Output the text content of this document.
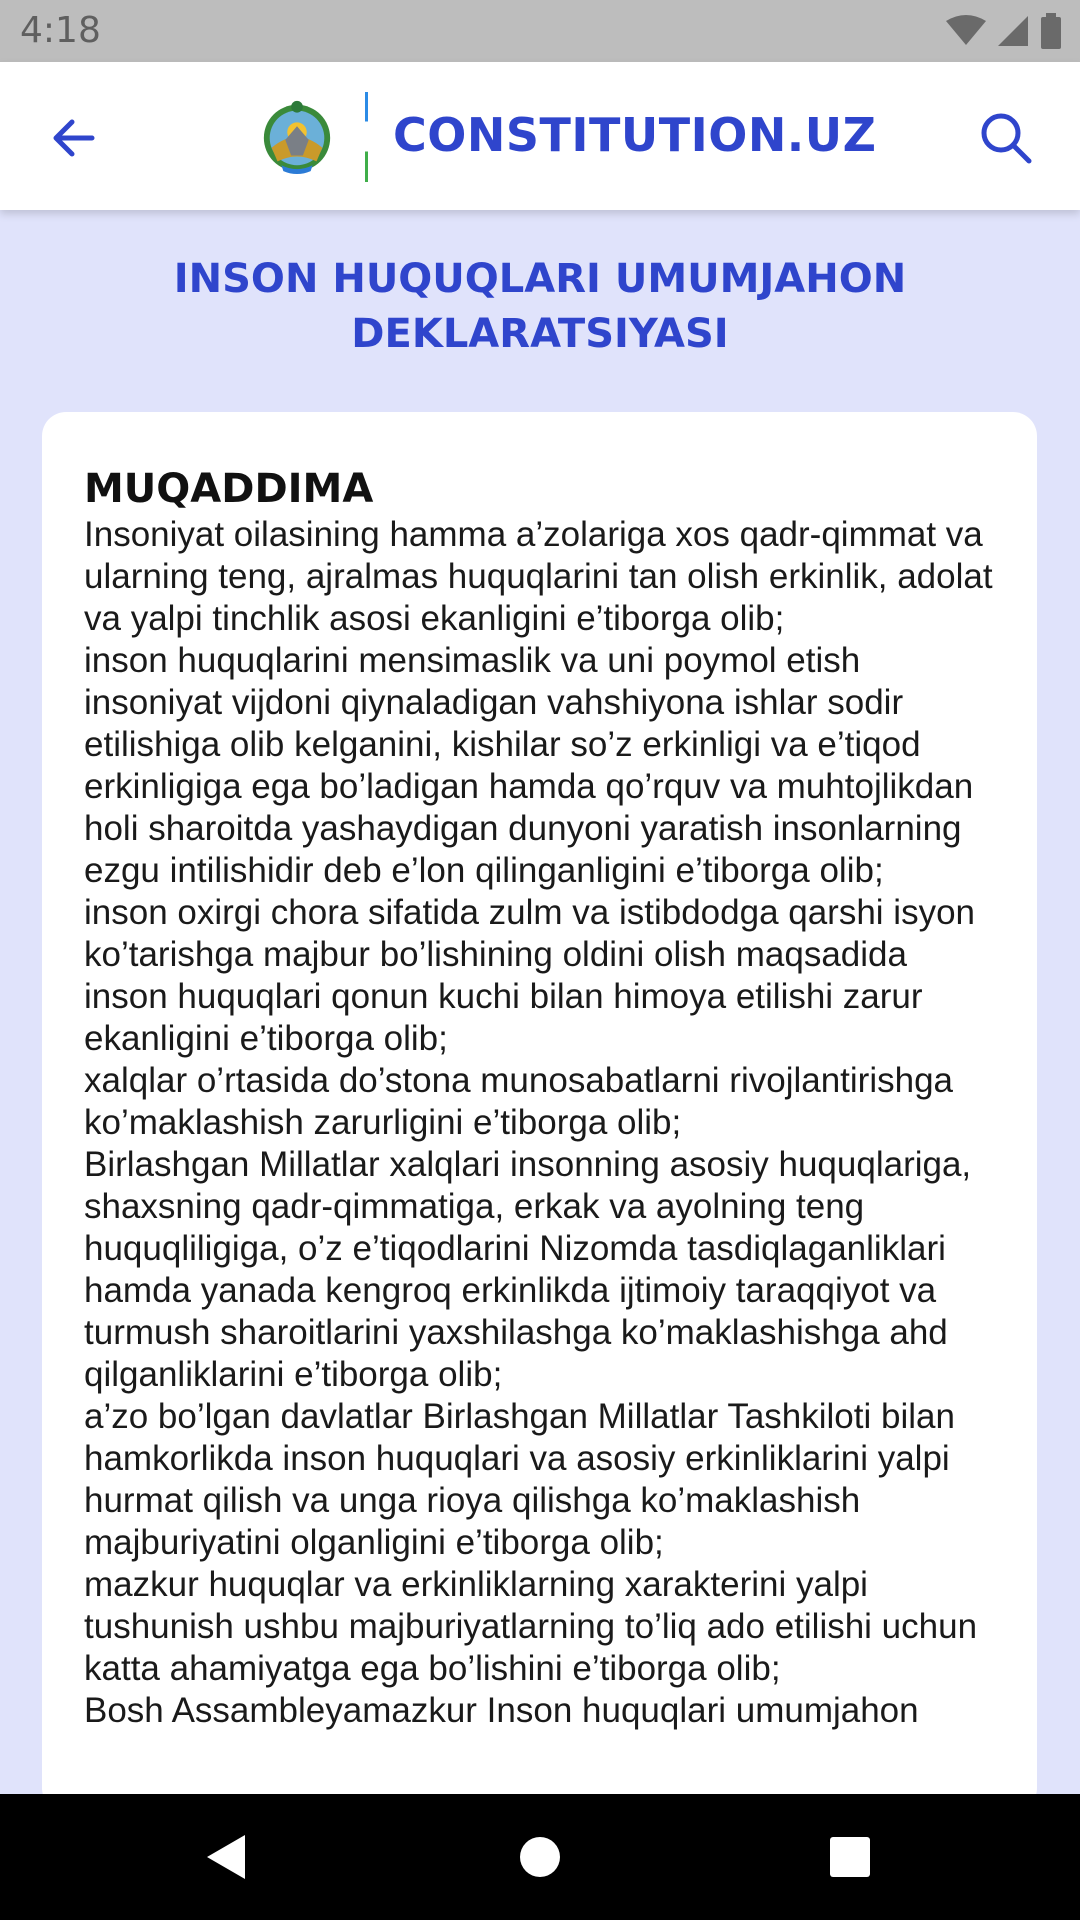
4:18
CONSTITUTION.UZ
INSON HUQUQLARI UMUMJAHON DEKLARATSIYASI
MUQADDIMA

Insoniyat oilasining hamma a’zolariga xos qadr-qimmat va ularning teng, ajralmas huquqlarini tan olish erkinlik, adolat va yalpi tinchlik asosi ekanligini e’tiborga olib;

inson huquqlarini mensimaslik va uni poymol etish insoniyat vijdoni qiynaladigan vahshiyona ishlar sodir etilishiga olib kelganini, kishilar so’z erkinligi va e’tiqod erkinligiga ega bo’ladigan hamda qo’rquv va muhtojlikdan holi sharoitda yashaydigan dunyoni yaratish insonlarning ezgu intilishidir deb e’lon qilinganligini e’tiborga olib;

inson oxirgi chora sifatida zulm va istibdodga qarshi isyon ko’tarishga majbur bo’lishining oldini olish maqsadida inson huquqlari qonun kuchi bilan himoya etilishi zarur ekanligini e’tiborga olib;

xalqlar o’rtasida do’stona munosabatlarni rivojlantirishga ko’maklashish zarurligini e’tiborga olib;

Birlashgan Millatlar xalqlari insonning asosiy huquqlariga, shaxsning qadr-qimmatiga, erkak va ayolning teng huquqliligiga, o’z e’tiqodlarini Nizomda tasdiqlaganliklari hamda yanada kengroq erkinlikda ijtimoiy taraqqiyot va turmush sharoitlarini yaxshilashga ko’maklashishga ahd qilganliklarini e’tiborga olib;

a’zo bo’lgan davlatlar Birlashgan Millatlar Tashkiloti bilan hamkorlikda inson huquqlari va asosiy erkinliklarini yalpi hurmat qilish va unga rioya qilishga ko’maklashish majburiyatini olganligini e’tiborga olib;

mazkur huquqlar va erkinliklarning xarakterini yalpi tushunish ushbu majburiyatlarning to’liq ado etilishi uchun katta ahamiyatga ega bo’lishini e’tiborga olib;

Bosh Assambleyamazkur Inson huquqlari umumjahon
